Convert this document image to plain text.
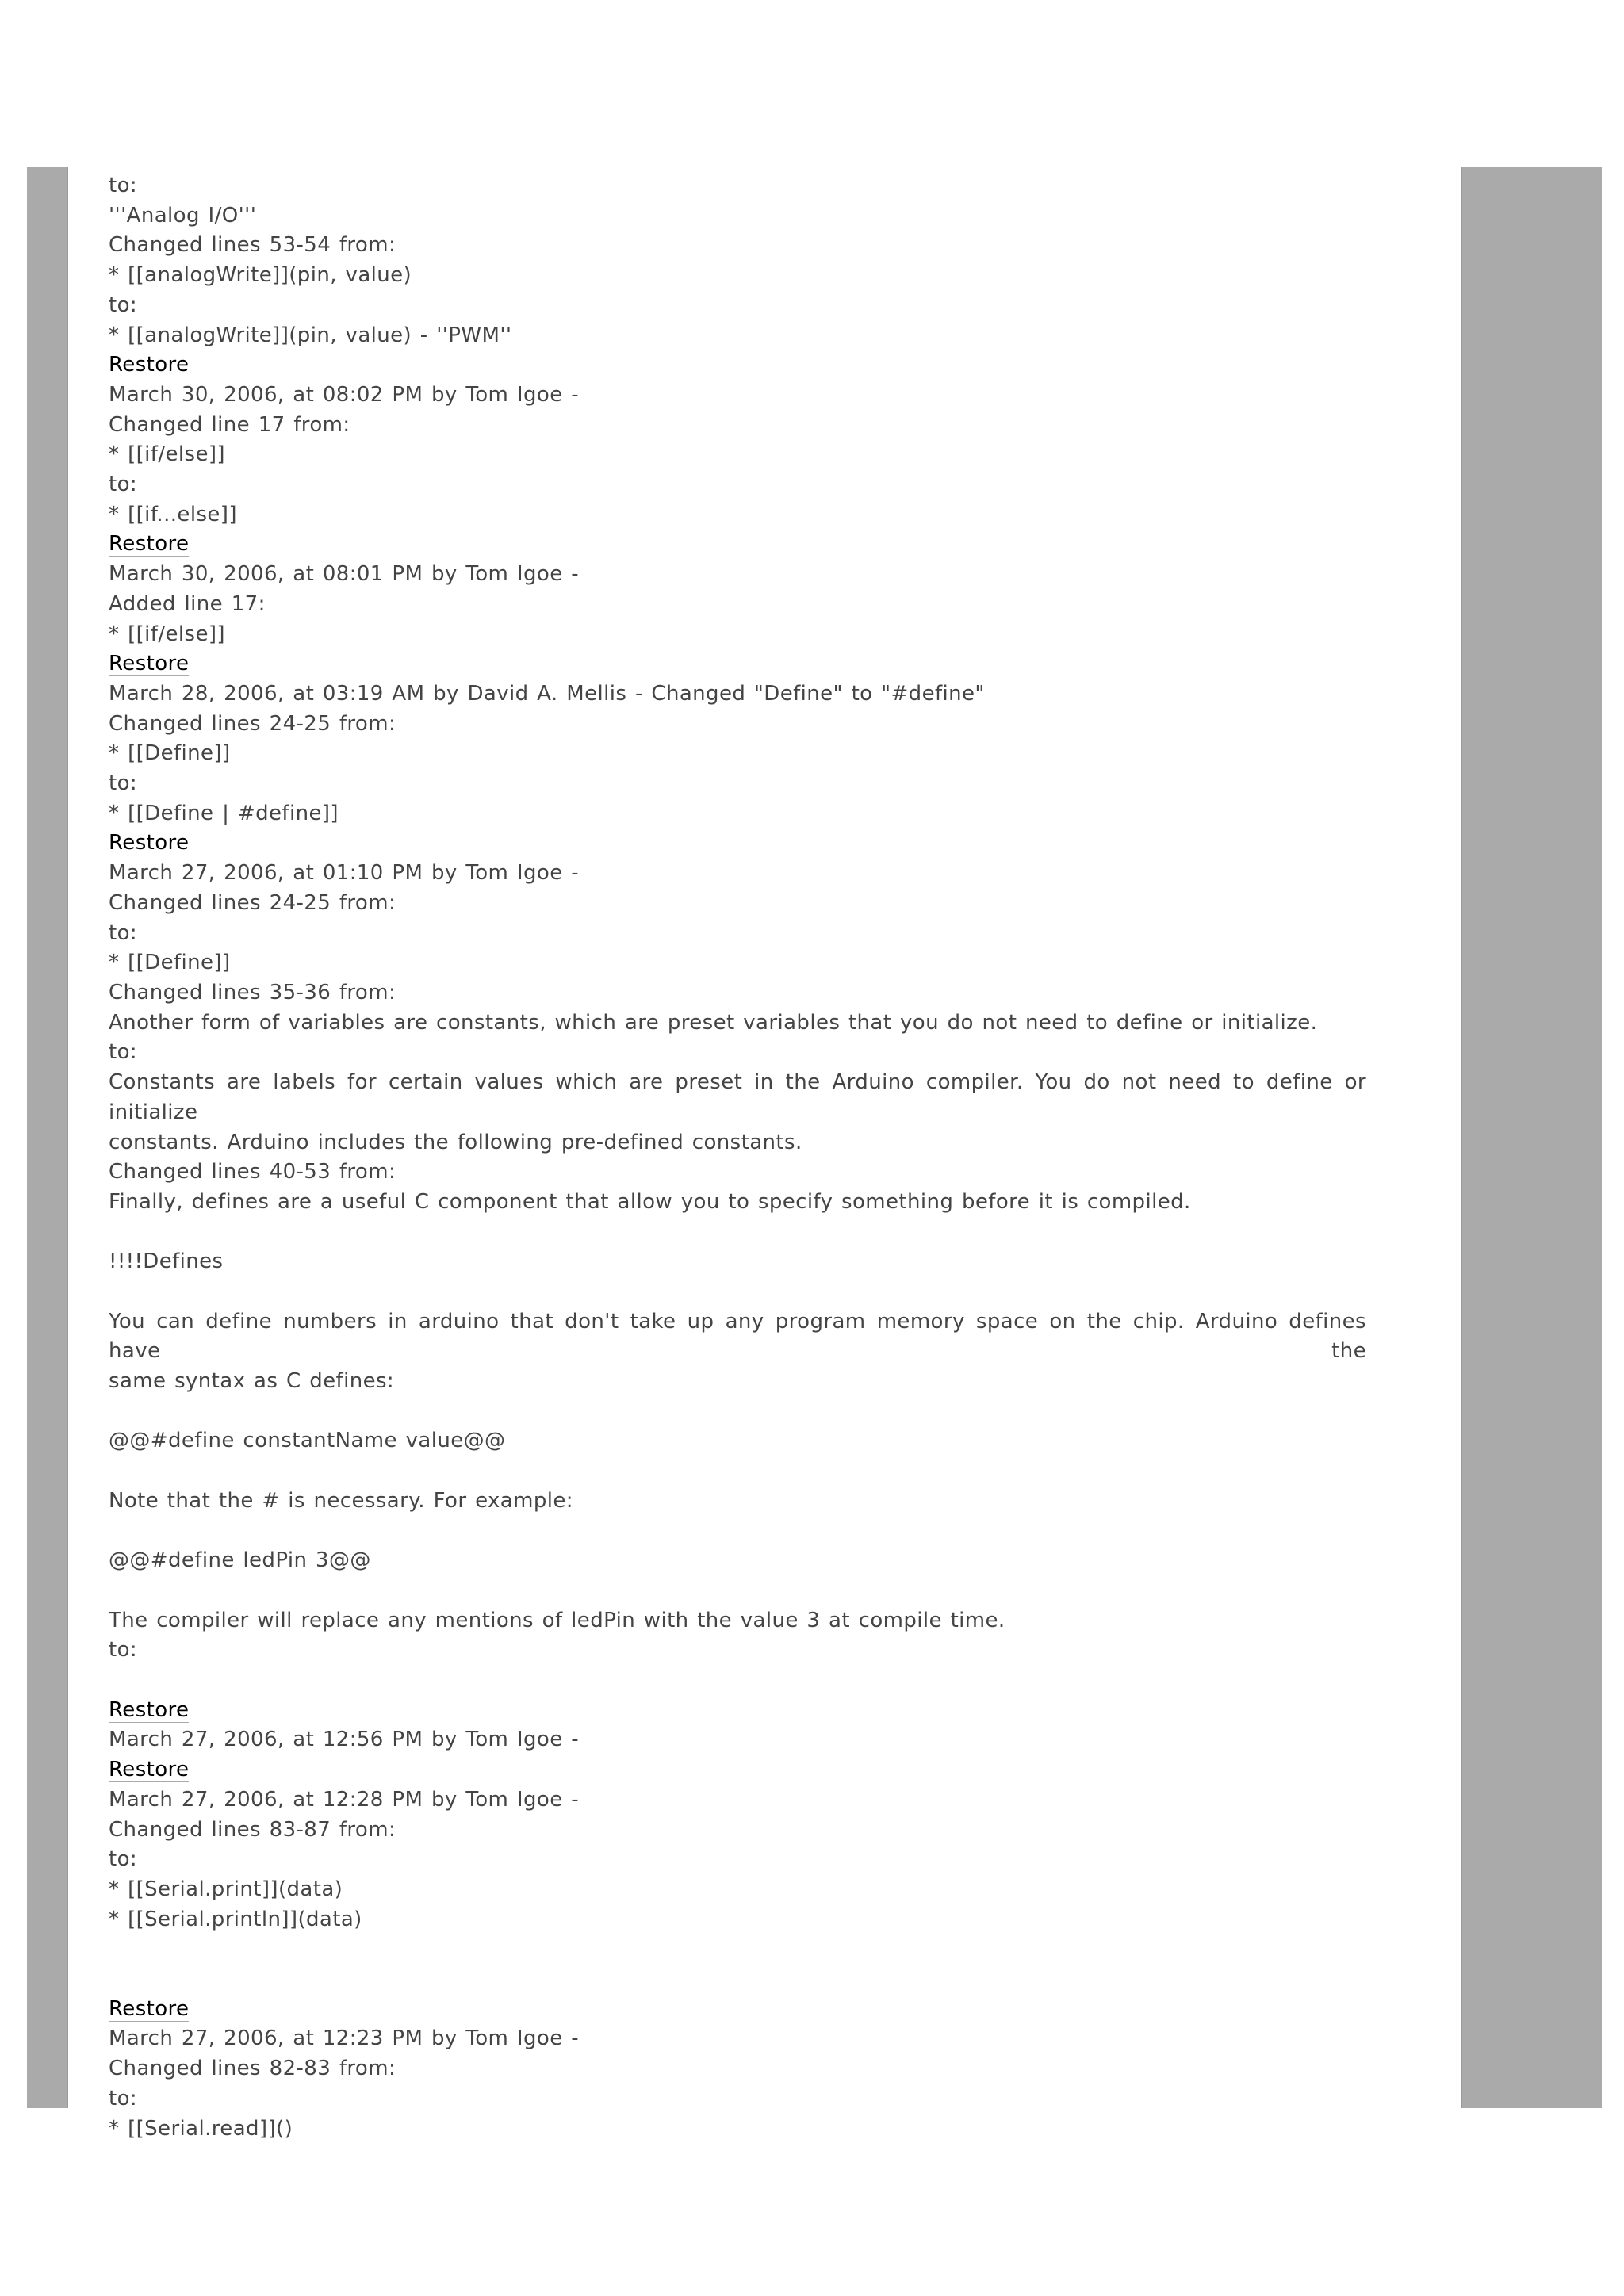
to:
'''Analog I/O'''
Changed lines 53-54 from:
* [[analogWrite]](pin, value)
to:
* [[analogWrite]](pin, value) - ''PWM''
Restore
March 30, 2006, at 08:02 PM by Tom Igoe -
Changed line 17 from:
* [[if/else]]
to:
* [[if...else]]
Restore
March 30, 2006, at 08:01 PM by Tom Igoe -
Added line 17:
* [[if/else]]
Restore
March 28, 2006, at 03:19 AM by David A. Mellis - Changed "Define" to "#define"
Changed lines 24-25 from:
* [[Define]]
to:
* [[Define | #define]]
Restore
March 27, 2006, at 01:10 PM by Tom Igoe -
Changed lines 24-25 from:
to:
* [[Define]]
Changed lines 35-36 from:
Another form of variables are constants, which are preset variables that you do not need to define or initialize.
to:
Constants are labels for certain values which are preset in the Arduino compiler. You do not need to define or initialize
constants. Arduino includes the following pre-defined constants.
Changed lines 40-53 from:
Finally, defines are a useful C component that allow you to specify something before it is compiled.
!!!!Defines
You can define numbers in arduino that don't take up any program memory space on the chip. Arduino defines have the
same syntax as C defines:
@@#define constantName value@@
Note that the # is necessary. For example:
@@#define ledPin 3@@
The compiler will replace any mentions of ledPin with the value 3 at compile time.
to:
Restore
March 27, 2006, at 12:56 PM by Tom Igoe -
Restore
March 27, 2006, at 12:28 PM by Tom Igoe -
Changed lines 83-87 from:
to:
* [[Serial.print]](data)
* [[Serial.println]](data)
Restore
March 27, 2006, at 12:23 PM by Tom Igoe -
Changed lines 82-83 from:
to:
* [[Serial.read]]()
